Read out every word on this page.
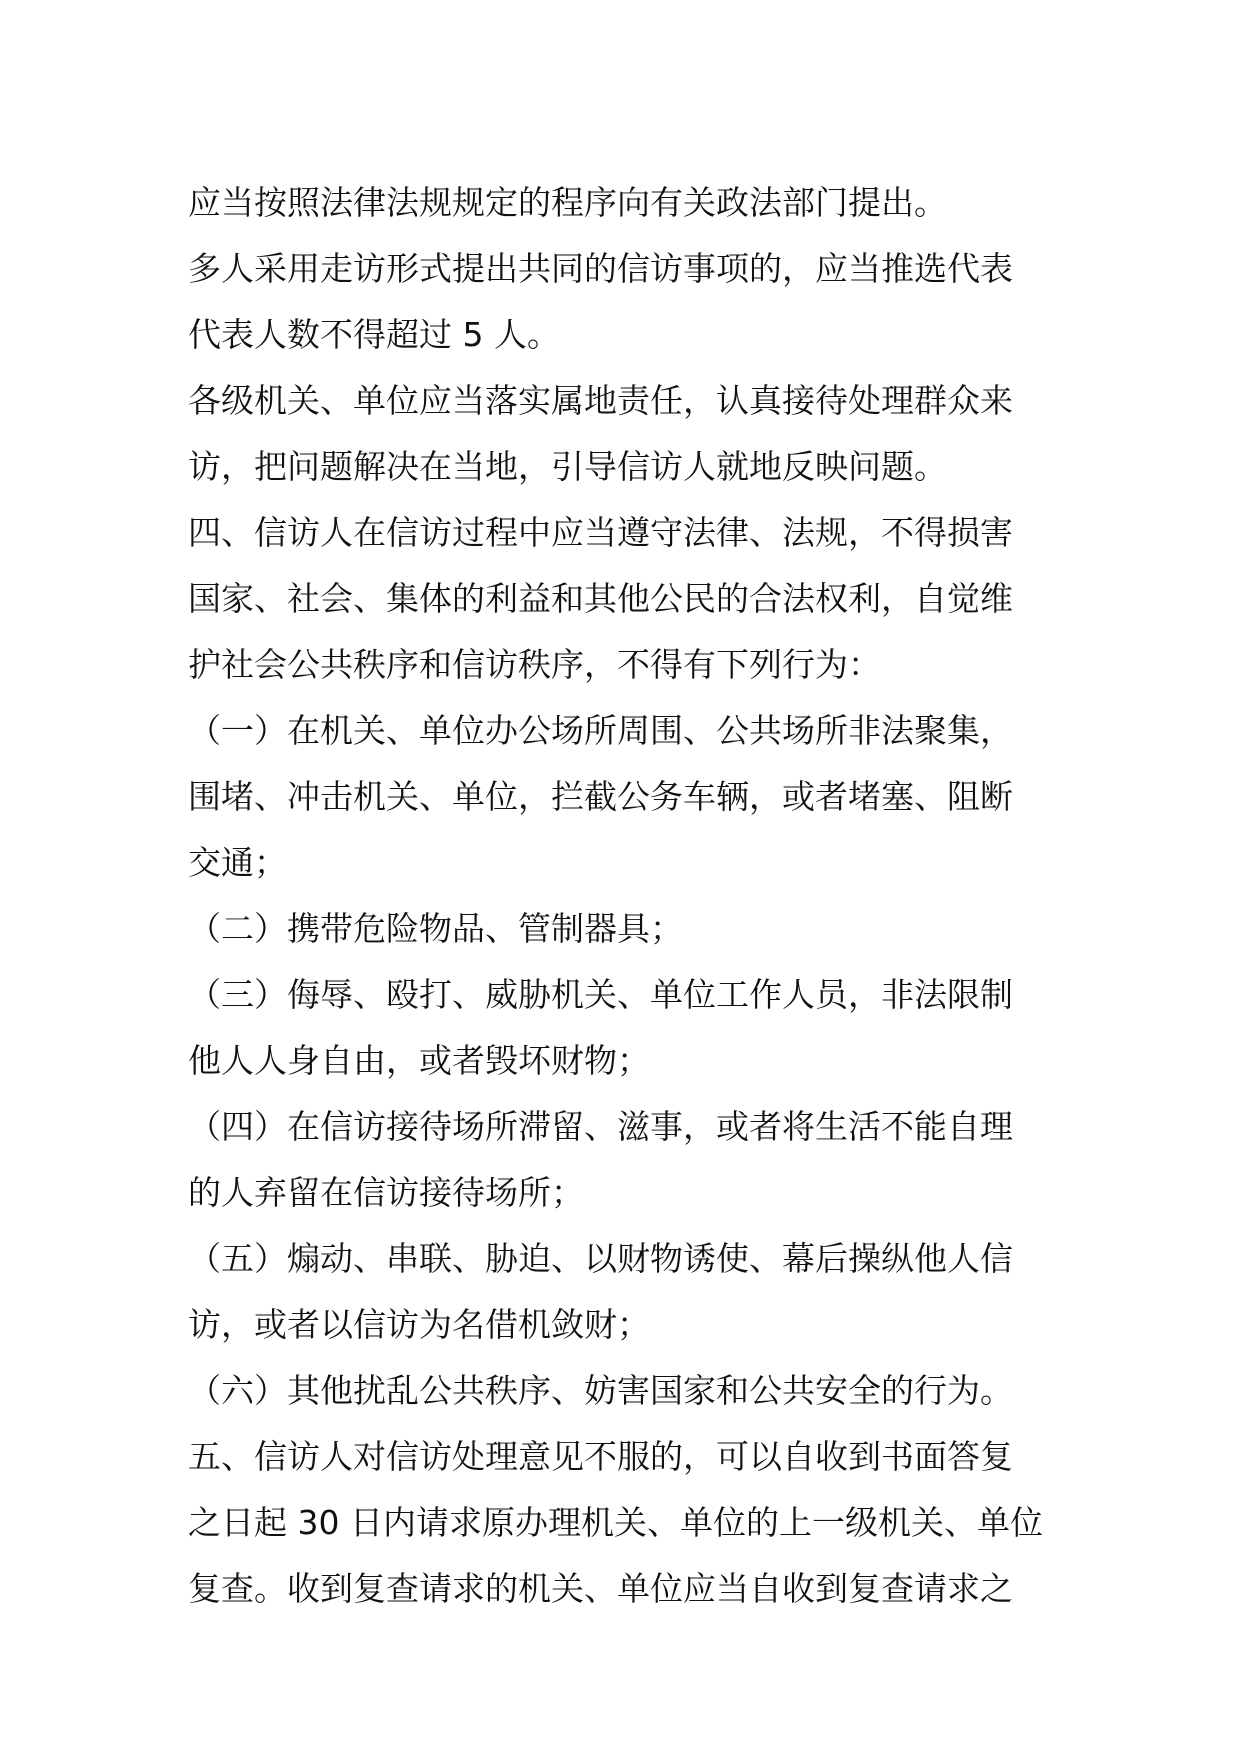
应当按照法律法规规定的程序向有关政法部门提出。
多人采用走访形式提出共同的信访事项的，应当推选代表
代表人数不得超过 5 人。
各级机关、单位应当落实属地责任，认真接待处理群众来
访，把问题解决在当地，引导信访人就地反映问题。
四、信访人在信访过程中应当遵守法律、法规，不得损害
国家、社会、集体的利益和其他公民的合法权利，自觉维
护社会公共秩序和信访秩序，不得有下列行为：
（一）在机关、单位办公场所周围、公共场所非法聚集，
围堵、冲击机关、单位，拦截公务车辆，或者堵塞、阻断
交通；
（二）携带危险物品、管制器具；
（三）侮辱、殴打、威胁机关、单位工作人员，非法限制
他人人身自由，或者毁坏财物；
（四）在信访接待场所滞留、滋事，或者将生活不能自理
的人弃留在信访接待场所；
（五）煽动、串联、胁迫、以财物诱使、幕后操纵他人信
访，或者以信访为名借机敛财；
（六）其他扰乱公共秩序、妨害国家和公共安全的行为。
五、信访人对信访处理意见不服的，可以自收到书面答复
之日起 30 日内请求原办理机关、单位的上一级机关、单位
复查。收到复查请求的机关、单位应当自收到复查请求之
